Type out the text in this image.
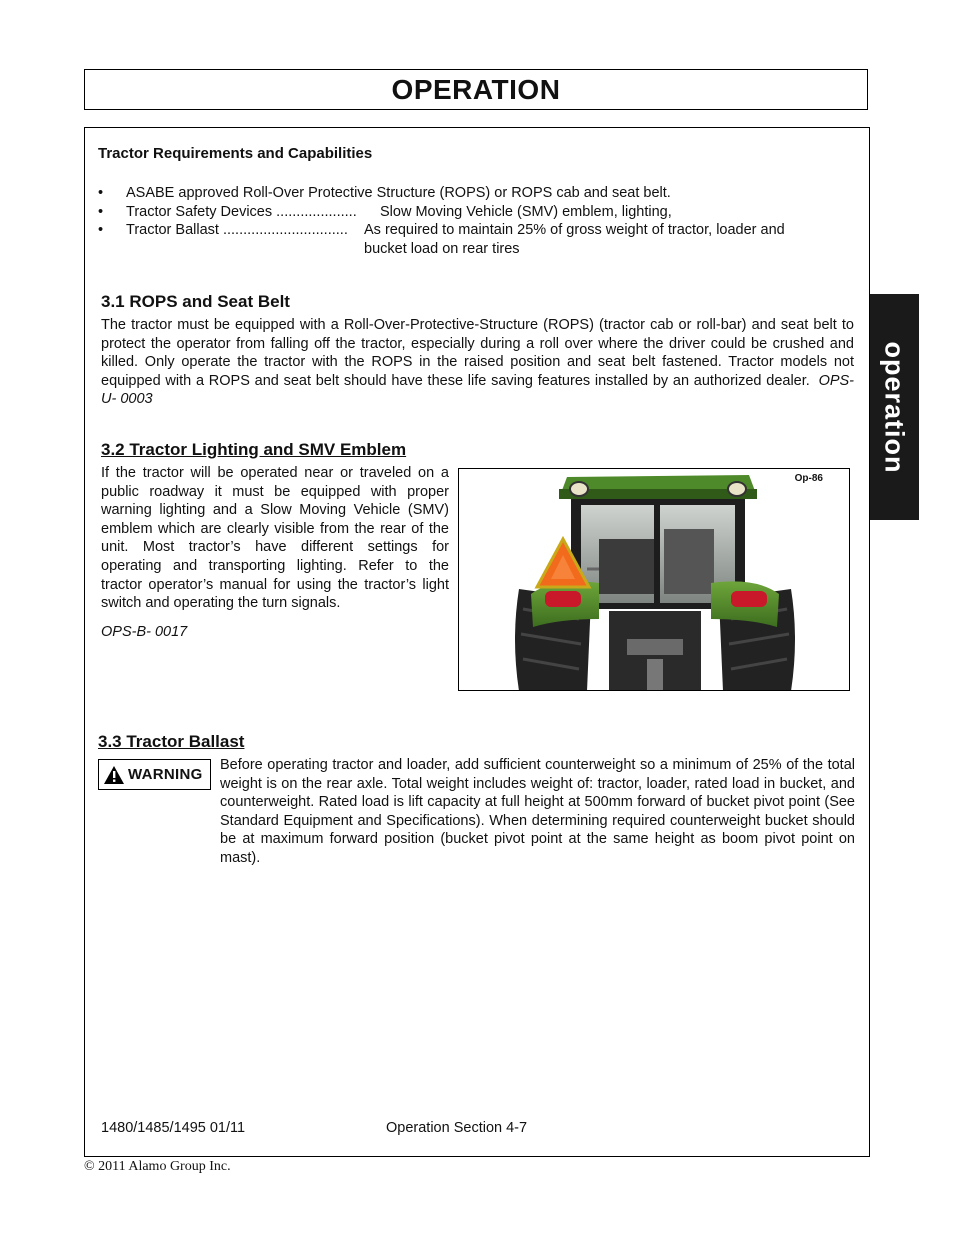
OPERATION
operation
Tractor Requirements and Capabilities
• ASABE approved Roll-Over Protective Structure (ROPS) or ROPS cab and seat belt.
• Tractor Safety Devices .................... Slow Moving Vehicle (SMV) emblem, lighting,
• Tractor Ballast ............................... As required to maintain 25% of gross weight of tractor, loader and
bucket load on rear tires
3.1 ROPS and Seat Belt
The tractor must be equipped with a Roll-Over-Protective-Structure (ROPS) (tractor cab or roll-bar) and seat belt to protect the operator from falling off the tractor, especially during a roll over where the driver could be crushed and killed. Only operate the tractor with the ROPS in the raised position and seat belt fastened. Tractor models not equipped with a ROPS and seat belt should have these life saving features installed by an authorized dealer. OPS-U- 0003
3.2 Tractor Lighting and SMV Emblem
If the tractor will be operated near or traveled on a public roadway it must be equipped with proper warning lighting and a Slow Moving Vehicle (SMV) emblem which are clearly visible from the rear of the unit. Most tractor’s have different settings for operating and transporting lighting. Refer to the tractor operator’s manual for using the tractor’s light switch and operating the turn signals.
OPS-B- 0017
Op-86
3.3 Tractor Ballast
WARNING
Before operating tractor and loader, add sufficient counterweight so a minimum of 25% of the total weight is on the rear axle. Total weight includes weight of: tractor, loader, rated load in bucket, and counterweight. Rated load is lift capacity at full height at 500mm forward of bucket pivot point (See Standard Equipment and Specifications). When determining required counterweight bucket should be at maximum forward position (bucket pivot point at the same height as boom pivot point on mast).
1480/1485/1495 01/11	Operation Section 4-7
© 2011 Alamo Group Inc.
